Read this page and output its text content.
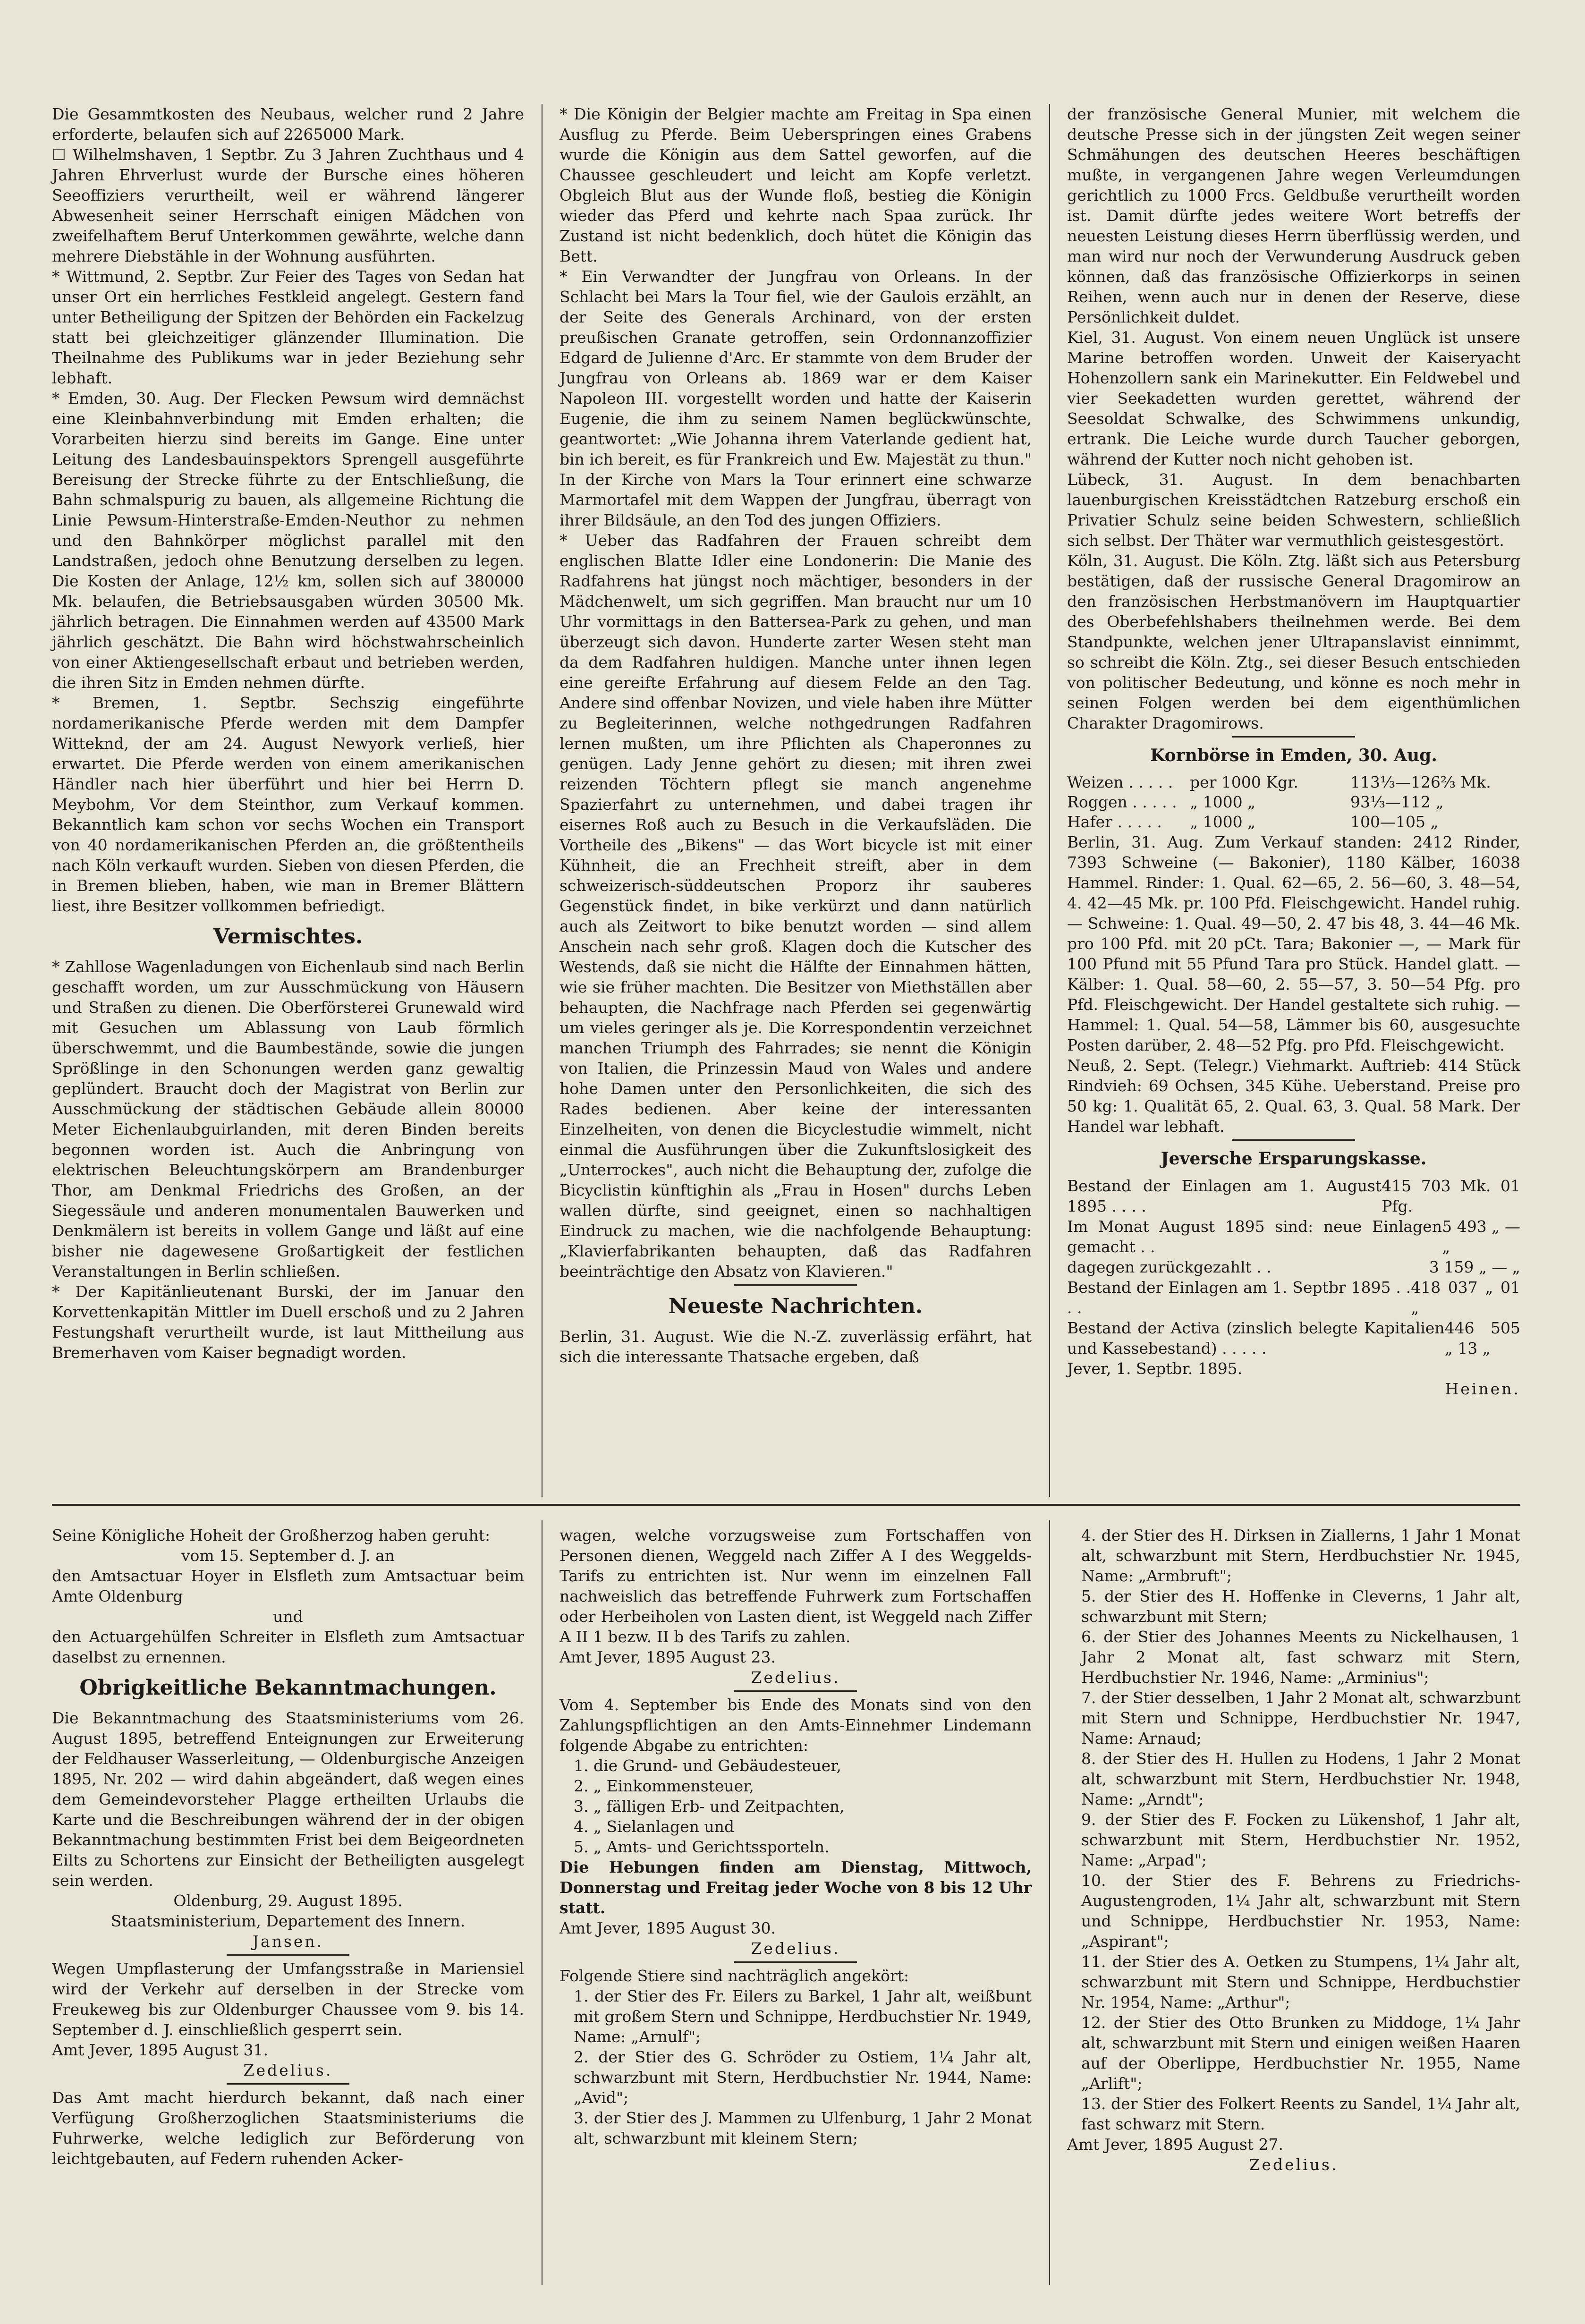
Die Gesammtkosten des Neubaus, welcher rund 2 Jahre erforderte, belaufen sich auf 2265000 Mark.

☐ Wilhelmshaven, 1 Septbr. Zu 3 Jahren Zuchthaus und 4 Jahren Ehrverlust wurde der Bursche eines höheren Seeoffiziers verurtheilt, weil er während längerer Abwesenheit seiner Herrschaft einigen Mädchen von zweifelhaftem Beruf Unterkommen gewährte, welche dann mehrere Diebstähle in der Wohnung ausführten.

* Wittmund, 2. Septbr. Zur Feier des Tages von Sedan hat unser Ort ein herrliches Festkleid angelegt. Gestern fand unter Betheiligung der Spitzen der Behörden ein Fackelzug statt bei gleichzeitiger glänzender Illumination. Die Theilnahme des Publikums war in jeder Beziehung sehr lebhaft.

* Emden, 30. Aug. Der Flecken Pewsum wird demnächst eine Kleinbahnverbindung mit Emden erhalten; die Vorarbeiten hierzu sind bereits im Gange. Eine unter Leitung des Landesbauinspektors Sprengell ausgeführte Bereisung der Strecke führte zu der Entschließung, die Bahn schmalspurig zu bauen, als allgemeine Richtung die Linie Pewsum-Hinterstraße-Emden-Neuthor zu nehmen und den Bahnkörper möglichst parallel mit den Landstraßen, jedoch ohne Benutzung derselben zu legen. Die Kosten der Anlage, 12½ km, sollen sich auf 380000 Mk. belaufen, die Betriebsausgaben würden 30500 Mk. jährlich betragen. Die Einnahmen werden auf 43500 Mark jährlich geschätzt. Die Bahn wird höchstwahrscheinlich von einer Aktiengesellschaft erbaut und betrieben werden, die ihren Sitz in Emden nehmen dürfte.

* Bremen, 1. Septbr. Sechszig eingeführte nordamerikanische Pferde werden mit dem Dampfer Witteknd, der am 24. August Newyork verließ, hier erwartet. Die Pferde werden von einem amerikanischen Händler nach hier überführt und hier bei Herrn D. Meybohm, Vor dem Steinthor, zum Verkauf kommen. Bekanntlich kam schon vor sechs Wochen ein Transport von 40 nordamerikanischen Pferden an, die größtentheils nach Köln verkauft wurden. Sieben von diesen Pferden, die in Bremen blieben, haben, wie man in Bremer Blättern liest, ihre Besitzer vollkommen befriedigt.

Vermischtes.

* Zahllose Wagenladungen von Eichenlaub sind nach Berlin geschafft worden, um zur Ausschmückung von Häusern und Straßen zu dienen. Die Oberförsterei Grunewald wird mit Gesuchen um Ablassung von Laub förmlich überschwemmt, und die Baumbestände, sowie die jungen Sprößlinge in den Schonungen werden ganz gewaltig geplündert. Braucht doch der Magistrat von Berlin zur Ausschmückung der städtischen Gebäude allein 80000 Meter Eichenlaubguirlanden, mit deren Binden bereits begonnen worden ist. Auch die Anbringung von elektrischen Beleuchtungskörpern am Brandenburger Thor, am Denkmal Friedrichs des Großen, an der Siegessäule und anderen monumentalen Bauwerken und Denkmälern ist bereits in vollem Gange und läßt auf eine bisher nie dagewesene Großartigkeit der festlichen Veranstaltungen in Berlin schließen.

* Der Kapitänlieutenant Burski, der im Januar den Korvettenkapitän Mittler im Duell erschoß und zu 2 Jahren Festungshaft verurtheilt wurde, ist laut Mittheilung aus Bremerhaven vom Kaiser begnadigt worden.

* Die Königin der Belgier machte am Freitag in Spa einen Ausflug zu Pferde. Beim Ueberspringen eines Grabens wurde die Königin aus dem Sattel geworfen, auf die Chaussee geschleudert und leicht am Kopfe verletzt. Obgleich Blut aus der Wunde floß, bestieg die Königin wieder das Pferd und kehrte nach Spaa zurück. Ihr Zustand ist nicht bedenklich, doch hütet die Königin das Bett.

* Ein Verwandter der Jungfrau von Orleans. In der Schlacht bei Mars la Tour fiel, wie der Gaulois erzählt, an der Seite des Generals Archinard, von der ersten preußischen Granate getroffen, sein Ordonnanzoffizier Edgard de Julienne d'Arc. Er stammte von dem Bruder der Jungfrau von Orleans ab. 1869 war er dem Kaiser Napoleon III. vorgestellt worden und hatte der Kaiserin Eugenie, die ihm zu seinem Namen beglückwünschte, geantwortet: „Wie Johanna ihrem Vaterlande gedient hat, bin ich bereit, es für Frankreich und Ew. Majestät zu thun." In der Kirche von Mars la Tour erinnert eine schwarze Marmortafel mit dem Wappen der Jungfrau, überragt von ihrer Bildsäule, an den Tod des jungen Offiziers.

* Ueber das Radfahren der Frauen schreibt dem englischen Blatte Idler eine Londonerin: Die Manie des Radfahrens hat jüngst noch mächtiger, besonders in der Mädchenwelt, um sich gegriffen. Man braucht nur um 10 Uhr vormittags in den Battersea-Park zu gehen, und man überzeugt sich davon. Hunderte zarter Wesen steht man da dem Radfahren huldigen. Manche unter ihnen legen eine gereifte Erfahrung auf diesem Felde an den Tag. Andere sind offenbar Novizen, und viele haben ihre Mütter zu Begleiterinnen, welche nothgedrungen Radfahren lernen mußten, um ihre Pflichten als Chaperonnes zu genügen. Lady Jenne gehört zu diesen; mit ihren zwei reizenden Töchtern pflegt sie manch angenehme Spazierfahrt zu unternehmen, und dabei tragen ihr eisernes Roß auch zu Besuch in die Verkaufsläden. Die Vortheile des „Bikens" — das Wort bicycle ist mit einer Kühnheit, die an Frechheit streift, aber in dem schweizerisch-süddeutschen Proporz ihr sauberes Gegenstück findet, in bike verkürzt und dann natürlich auch als Zeitwort to bike benutzt worden — sind allem Anschein nach sehr groß. Klagen doch die Kutscher des Westends, daß sie nicht die Hälfte der Einnahmen hätten, wie sie früher machten. Die Besitzer von Miethställen aber behaupten, die Nachfrage nach Pferden sei gegenwärtig um vieles geringer als je. Die Korrespondentin verzeichnet manchen Triumph des Fahrrades; sie nennt die Königin von Italien, die Prinzessin Maud von Wales und andere hohe Damen unter den Personlichkeiten, die sich des Rades bedienen. Aber keine der interessanten Einzelheiten, von denen die Bicyclestudie wimmelt, nicht einmal die Ausführungen über die Zukunftslosigkeit des „Unterrockes", auch nicht die Behauptung der, zufolge die Bicyclistin künftighin als „Frau in Hosen" durchs Leben wallen dürfte, sind geeignet, einen so nachhaltigen Eindruck zu machen, wie die nachfolgende Behauptung: „Klavierfabrikanten behaupten, daß das Radfahren beeinträchtige den Absatz von Klavieren."

Neueste Nachrichten.

Berlin, 31. August. Wie die N.-Z. zuverlässig erfährt, hat sich die interessante Thatsache ergeben, daß

der französische General Munier, mit welchem die deutsche Presse sich in der jüngsten Zeit wegen seiner Schmähungen des deutschen Heeres beschäftigen mußte, in vergangenen Jahre wegen Verleumdungen gerichtlich zu 1000 Frcs. Geldbuße verurtheilt worden ist. Damit dürfte jedes weitere Wort betreffs der neuesten Leistung dieses Herrn überflüssig werden, und man wird nur noch der Verwunderung Ausdruck geben können, daß das französische Offizierkorps in seinen Reihen, wenn auch nur in denen der Reserve, diese Persönlichkeit duldet.

Kiel, 31. August. Von einem neuen Unglück ist unsere Marine betroffen worden. Unweit der Kaiseryacht Hohenzollern sank ein Marinekutter. Ein Feldwebel und vier Seekadetten wurden gerettet, während der Seesoldat Schwalke, des Schwimmens unkundig, ertrank. Die Leiche wurde durch Taucher geborgen, während der Kutter noch nicht gehoben ist.

Lübeck, 31. August. In dem benachbarten lauenburgischen Kreisstädtchen Ratzeburg erschoß ein Privatier Schulz seine beiden Schwestern, schließlich sich selbst. Der Thäter war vermuthlich geistesgestört.

Köln, 31. August. Die Köln. Ztg. läßt sich aus Petersburg bestätigen, daß der russische General Dragomirow an den französischen Herbstmanövern im Hauptquartier des Oberbefehlshabers theilnehmen werde. Bei dem Standpunkte, welchen jener Ultrapanslavist einnimmt, so schreibt die Köln. Ztg., sei dieser Besuch entschieden von politischer Bedeutung, und könne es noch mehr in seinen Folgen werden bei dem eigenthümlichen Charakter Dragomirows.

Kornbörse in Emden, 30. Aug.
Weizen . . . . .	per 1000 Kgr.	113⅓—126⅔ Mk.
Roggen . . . . . „ 1000 „	93⅓—112 „
Hafer . . . . .	„ 1000 „	100—105 „

Berlin, 31. Aug. Zum Verkauf standen: 2412 Rinder, 7393 Schweine (— Bakonier), 1180 Kälber, 16038 Hammel. Rinder: 1. Qual. 62—65, 2. 56—60, 3. 48—54, 4. 42—45 Mk. pr. 100 Pfd. Fleischgewicht. Handel ruhig. — Schweine: 1. Qual. 49—50, 2. 47 bis 48, 3. 44—46 Mk. pro 100 Pfd. mit 20 pCt. Tara; Bakonier —, — Mark für 100 Pfund mit 55 Pfund Tara pro Stück. Handel glatt. — Kälber: 1. Qual. 58—60, 2. 55—57, 3. 50—54 Pfg. pro Pfd. Fleischgewicht. Der Handel gestaltete sich ruhig. — Hammel: 1. Qual. 54—58, Lämmer bis 60, ausgesuchte Posten darüber, 2. 48—52 Pfg. pro Pfd. Fleischgewicht.

Neuß, 2. Sept. (Telegr.) Viehmarkt. Auftrieb: 414 Stück Rindvieh: 69 Ochsen, 345 Kühe. Ueberstand. Preise pro 50 kg: 1. Qualität 65, 2. Qual. 63, 3. Qual. 58 Mark. Der Handel war lebhaft.

Jeversche Ersparungskasse.
Bestand der Einlagen am 1. August 1895 . . . .
415 703 Mk. 01 Pfg.
Im Monat August 1895 sind: neue Einlagen gemacht . .
5 493 „ — „
dagegen zurückgezahlt . .	3 159 „ — „
Bestand der Einlagen am 1. Septbr 1895 . . . .
418 037 „ 01 „
Bestand der Activa (zinslich belegte Kapitalien und Kassebestand) . . . . .
446 505 „ 13 „

Jever, 1. Septbr. 1895.

Heinen.

Seine Königliche Hoheit der Großherzog haben geruht:

vom 15. September d. J. an

den Amtsactuar Hoyer in Elsfleth zum Amtsactuar beim Amte Oldenburg

und

den Actuargehülfen Schreiter in Elsfleth zum Amtsactuar daselbst zu ernennen.

Obrigkeitliche Bekanntmachungen.

Die Bekanntmachung des Staatsministeriums vom 26. August 1895, betreffend Enteignungen zur Erweiterung der Feldhauser Wasserleitung, — Oldenburgische Anzeigen 1895, Nr. 202 — wird dahin abgeändert, daß wegen eines dem Gemeindevorsteher Plagge ertheilten Urlaubs die Karte und die Beschreibungen während der in der obigen Bekanntmachung bestimmten Frist bei dem Beigeordneten Eilts zu Schortens zur Einsicht der Betheiligten ausgelegt sein werden.

Oldenburg, 29. August 1895.

Staatsministerium, Departement des Innern.

Jansen.

Wegen Umpflasterung der Umfangsstraße in Mariensiel wird der Verkehr auf derselben in der Strecke vom Freukeweg bis zur Oldenburger Chaussee vom 9. bis 14. September d. J. einschließlich gesperrt sein.

Amt Jever, 1895 August 31.

Zedelius.

Das Amt macht hierdurch bekannt, daß nach einer Verfügung Großherzoglichen Staatsministeriums die Fuhrwerke, welche lediglich zur Beförderung von leichtgebauten, auf Federn ruhenden Acker-

wagen, welche vorzugsweise zum Fortschaffen von Personen dienen, Weggeld nach Ziffer A I des Weggelds-Tarifs zu entrichten ist. Nur wenn im einzelnen Fall nachweislich das betreffende Fuhrwerk zum Fortschaffen oder Herbeiholen von Lasten dient, ist Weggeld nach Ziffer A II 1 bezw. II b des Tarifs zu zahlen.

Amt Jever, 1895 August 23.

Zedelius.

Vom 4. September bis Ende des Monats sind von den Zahlungspflichtigen an den Amts-Einnehmer Lindemann folgende Abgabe zu entrichten:

1. die Grund- und Gebäudesteuer,

2. „ Einkommensteuer,

3. „ fälligen Erb- und Zeitpachten,

4. „ Sielanlagen und

5. „ Amts- und Gerichtssporteln.

Die Hebungen finden am Dienstag, Mittwoch, Donnerstag und Freitag jeder Woche von 8 bis 12 Uhr statt.

Amt Jever, 1895 August 30.

Zedelius.

Folgende Stiere sind nachträglich angekört:

1. der Stier des Fr. Eilers zu Barkel, 1 Jahr alt, weißbunt mit großem Stern und Schnippe, Herdbuchstier Nr. 1949, Name: „Arnulf";

2. der Stier des G. Schröder zu Ostiem, 1¼ Jahr alt, schwarzbunt mit Stern, Herdbuchstier Nr. 1944, Name: „Avid";

3. der Stier des J. Mammen zu Ulfenburg, 1 Jahr 2 Monat alt, schwarzbunt mit kleinem Stern;

4. der Stier des H. Dirksen in Ziallerns, 1 Jahr 1 Monat alt, schwarzbunt mit Stern, Herdbuchstier Nr. 1945, Name: „Armbruft";

5. der Stier des H. Hoffenke in Cleverns, 1 Jahr alt, schwarzbunt mit Stern;

6. der Stier des Johannes Meents zu Nickelhausen, 1 Jahr 2 Monat alt, fast schwarz mit Stern, Herdbuchstier Nr. 1946, Name: „Arminius";

7. der Stier desselben, 1 Jahr 2 Monat alt, schwarzbunt mit Stern und Schnippe, Herdbuchstier Nr. 1947, Name: Arnaud;

8. der Stier des H. Hullen zu Hodens, 1 Jahr 2 Monat alt, schwarzbunt mit Stern, Herdbuchstier Nr. 1948, Name: „Arndt";

9. der Stier des F. Focken zu Lükenshof, 1 Jahr alt, schwarzbunt mit Stern, Herdbuchstier Nr. 1952, Name: „Arpad";

10. der Stier des F. Behrens zu Friedrichs-Augustengroden, 1¼ Jahr alt, schwarzbunt mit Stern und Schnippe, Herdbuchstier Nr. 1953, Name: „Aspirant";

11. der Stier des A. Oetken zu Stumpens, 1¼ Jahr alt, schwarzbunt mit Stern und Schnippe, Herdbuchstier Nr. 1954, Name: „Arthur";

12. der Stier des Otto Brunken zu Middoge, 1¼ Jahr alt, schwarzbunt mit Stern und einigen weißen Haaren auf der Oberlippe, Herdbuchstier Nr. 1955, Name „Arlift";

13. der Stier des Folkert Reents zu Sandel, 1¼ Jahr alt, fast schwarz mit Stern.

Amt Jever, 1895 August 27.

Zedelius.
